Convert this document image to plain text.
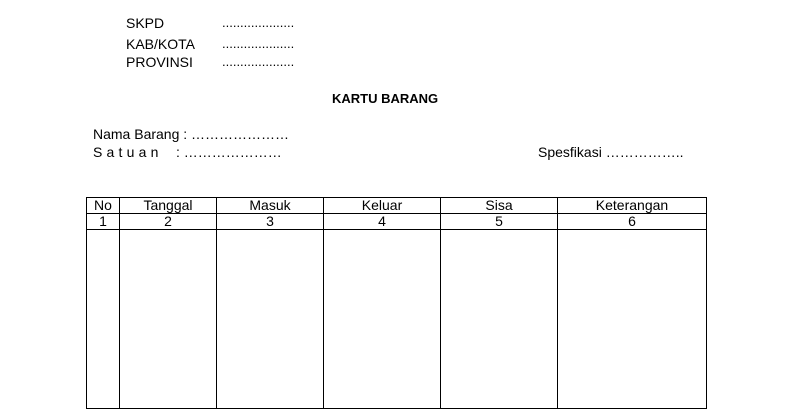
SKPD	....................
KAB/KOTA ....................
PROVINSI ....................
KARTU BARANG
Nama Barang : …………………
Satuan : …………………	Spesfikasi ……………..
No	Tanggal	Masuk	Keluar	Sisa	Keterangan
1	2	3	4	5	6
